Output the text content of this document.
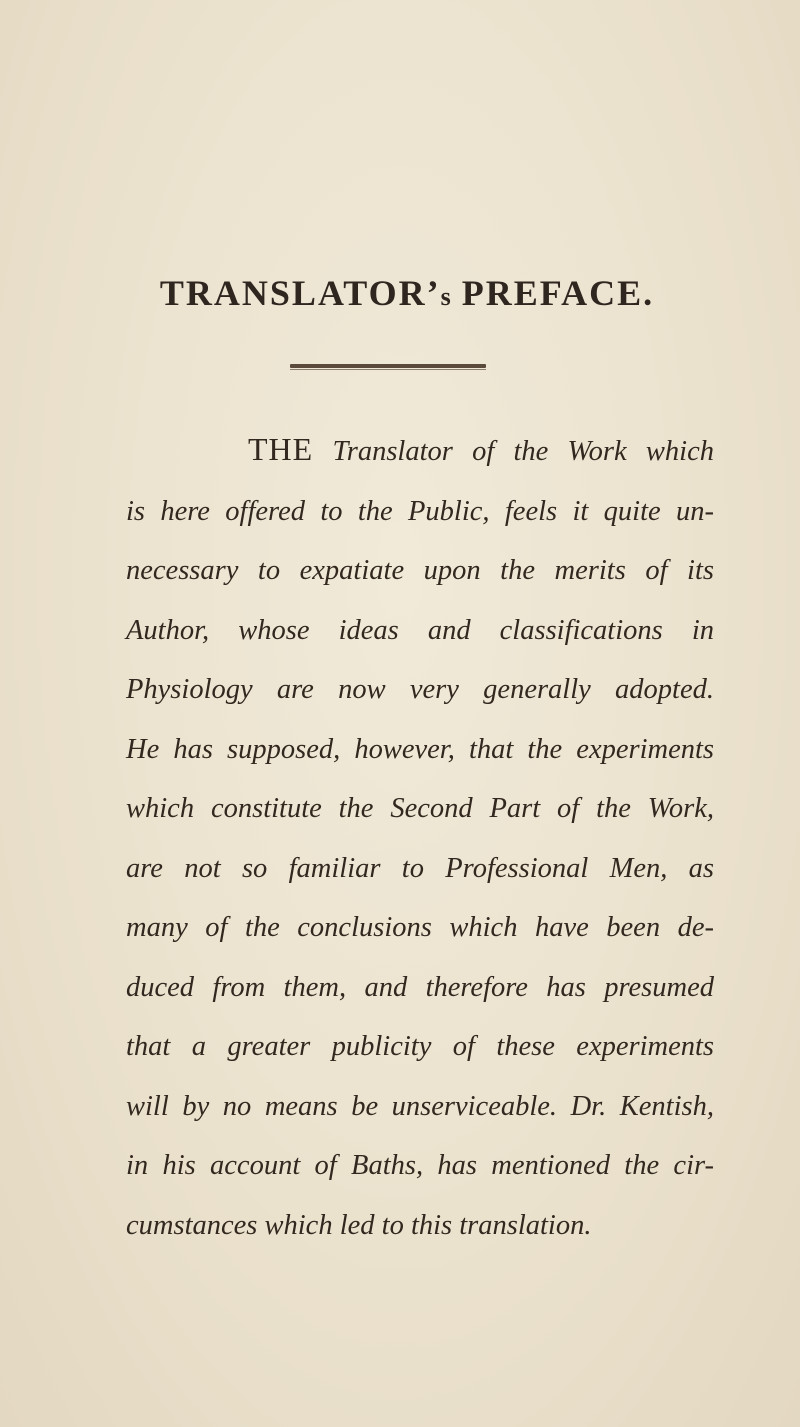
TRANSLATOR’s PREFACE.

THE Translator of the Work which
is here offered to the Public, feels it quite un-
necessary to expatiate upon the merits of its
Author, whose ideas and classifications in
Physiology are now very generally adopted.
He has supposed, however, that the experiments
which constitute the Second Part of the Work,
are not so familiar to Professional Men, as
many of the conclusions which have been de-
duced from them, and therefore has presumed
that a greater publicity of these experiments
will by no means be unserviceable. Dr. Kentish,
in his account of Baths, has mentioned the cir-
cumstances which led to this translation.
